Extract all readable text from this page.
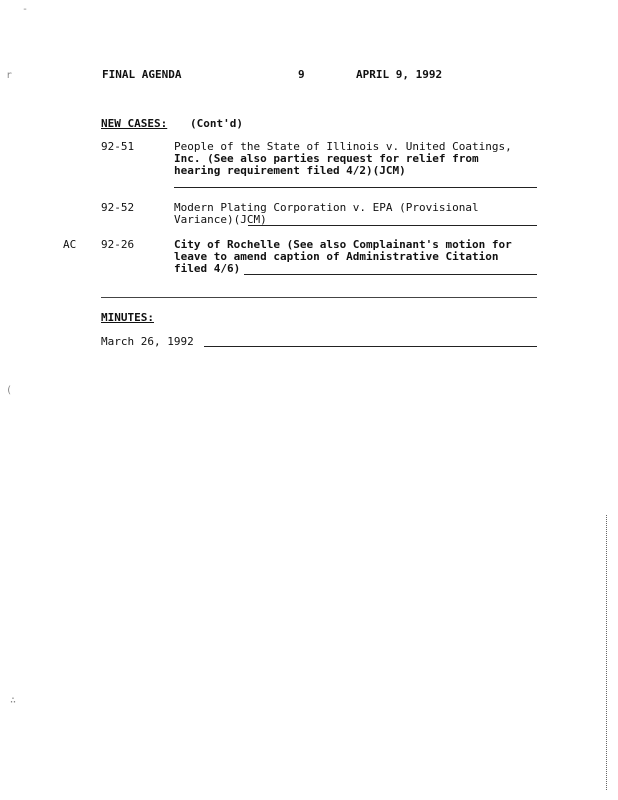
-
r
(
∴
FINAL AGENDA	9	APRIL 9, 1992
NEW CASES: (Cont'd)
92-51	People of the State of Illinois v. United Coatings,
Inc. (See also parties request for relief from
hearing requirement filed 4/2)(JCM)
92-52	Modern Plating Corporation v. EPA (Provisional
Variance)(JCM)
AC 92-26	City of Rochelle (See also Complainant's motion for
leave to amend caption of Administrative Citation
filed 4/6)
MINUTES:
March 26, 1992
